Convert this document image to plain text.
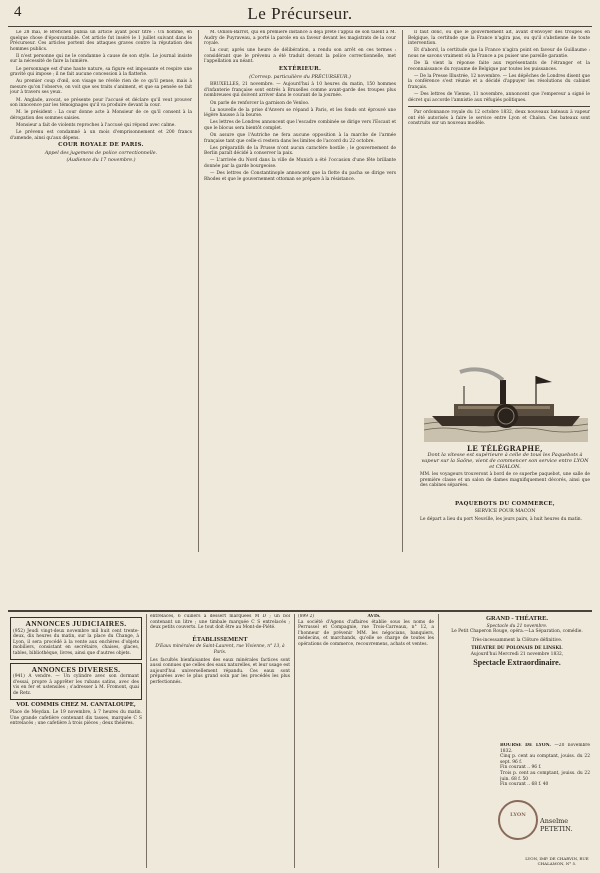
4	Le Précurseur.

Le 28 mai, le Bréfichen publia un article ayant pour titre : Un homme, en quelque chose d'épouvantable. Cet article fut inséré le 1 juillet suivant dans le Précurseur. Ces articles portent des attaques graves contre la réputation des hommes publics.

Il n'est personne qui ne le condamne à cause de son style. Le journal insiste sur la nécessité de faire la lumière.

Le personnage est d'une haute nature, sa figure est imposante et respire une gravité qui impose ; il ne fait aucune concession à la flatterie.

Au premier coup d'œil, son visage ne révèle rien de ce qu'il pense, mais à mesure qu'on l'observe, on voit que ses traits s'animent, et que sa pensée se fait jour à travers ses yeux.

M. Anglade, avocat, se présente pour l'accusé et déclare qu'il veut prouver son innocence par les témoignages qu'il va produire devant la cour.

M. le président : La cour donne acte à Monsieur de ce qu'il consent à la dérogation des sommes saisies.

Monsieur a fait de violents reproches à l'accusé qui répond avec calme.

Le prévenu est condamné à un mois d'emprisonnement et 200 francs d'amende, ainsi qu'aux dépens.

COUR ROYALE DE PARIS.
Appel des jugemens de police correctionnelle.
(Audience du 17 novembre.)

M. Odilon-Barrot, qui en première instance a déjà prêté l'appui de son talent à M. Audry de Puyraveau, a porté la parole en sa faveur devant les magistrats de la cour royale.

La cour, après une heure de délibération, a rendu son arrêt en ces termes : considérant que le prévenu a été traduit devant la police correctionnelle, met l'appellation au néant.

EXTÉRIEUR.
(Corresp. particulière du PRÉCURSEUR.)

BRUXELLES, 21 novembre. — Aujourd'hui à 10 heures du matin, 150 hommes d'infanterie française sont entrés à Bruxelles comme avant-garde des troupes plus nombreuses qui doivent arriver dans le courant de la journée.

On parle de renforcer la garnison de Venloo.

La nouvelle de la prise d'Anvers se répand à Paris, et les fonds ont éprouvé une légère hausse à la bourse.

Les lettres de Londres annoncent que l'escadre combinée se dirige vers l'Escaut et que le blocus sera bientôt complet.

On assure que l'Autriche ne fera aucune opposition à la marche de l'armée française tant que celle-ci restera dans les limites de l'accord du 22 octobre.

Les préparatifs de la Prusse n'ont aucun caractère hostile ; le gouvernement de Berlin paraît décidé à conserver la paix.

— L'arrivée du Nord dans la ville de Munich a été l'occasion d'une fête brillante donnée par la garde bourgeoise.

— Des lettres de Constantinople annoncent que la flotte du pacha se dirige vers Rhodes et que le gouvernement ottoman se prépare à la résistance.

Il faut donc, ou que le gouvernement ait, avant d'envoyer des troupes en Belgique, la certitude que la France n'agira pas, ou qu'il s'abstienne de toute intervention.

Et d'abord, la certitude que la France n'agira point en faveur de Guillaume : nous ne savons vraiment où la France a pu puiser une pareille garantie.

De là vient la réponse faite aux représentants de l'étranger et la reconnaissance du royaume de Belgique par toutes les puissances.

— De la Presse Illustrée, 12 novembre. — Les dépêches de Londres disent que la conférence s'est réunie et a décidé d'appuyer les résolutions du cabinet français.

— Des lettres de Vienne, 11 novembre, annoncent que l'empereur a signé le décret qui accorde l'amnistie aux réfugiés politiques.

Par ordonnance royale du 12 octobre 1832, deux nouveaux bateaux à vapeur ont été autorisés à faire le service entre Lyon et Chalon. Ces bateaux sont construits sur un nouveau modèle.

LE TÉLÉGRAPHE,
Dont la vitesse est supérieure à celle de tous les Paquebots à vapeur sur la Saône, vient de commencer son service entre LYON et CHALON.
MM. les voyageurs trouveront à bord de ce superbe paquebot, une salle de première classe et un salon de dames magnifiquement décorés, ainsi que des cabines séparées.
PAQUEBOTS DU COMMERCE,
SERVICE POUR MACON
Le départ a lieu du port Neuville, les jours pairs, à huit heures du matin.
ANNONCES JUDICIAIRES.
(952) Jeudi vingt-deux novembre mil huit cent trente-deux, dix heures du matin, sur la place du Change, à Lyon, il sera procédé à la vente aux enchères d'objets mobiliers, consistant en secrétaire, chaises, glaces, tables, bibliothèque, livres, ainsi que d'autres objets.
ANNONCES DIVERSES.
(941) A vendre. — Un cylindre avec son dormant d'essai, propre à apprêter les rubans satins, avec des vis en fer et ustensiles ; s'adresser à M. Fromont, quai de Retz.
VOL COMMIS CHEZ M. CANTALOUPE,
Place de Meydan. Le 19 novembre, à 7 heures du matin. Une grande cafetière contenant dix tasses, marquée C S entrelacés ; une cafetière à trois pièces ; deux théières.
entrelacés, 6 cuillers à dessert marquées M D ; un bol contenant un litre ; une timbale marquée C S entrelacés ; deux petits couverts. Le tout doit être au Mont-de-Piété.
ÉTABLISSEMENT
D'Eaux minérales de Saint-Laurent, rue Vivienne, n° 13, à Paris.
Les facultés bienfaisantes des eaux minérales factices sont aussi connues que celles des eaux naturelles, et leur usage est aujourd'hui universellement répandu. Ces eaux sont préparées avec le plus grand soin par les procédés les plus perfectionnés.
(899 2)	AVIS.
La société d'Agens d'affaires établie sous les noms de Perrussel et Compagnie, rue Trois-Carreaux, n° 12, a l'honneur de prévenir MM. les négocians, banquiers, médecins, et marchands, qu'elle se charge de toutes les opérations de commerce, recouvremens, achats et ventes.
GRAND - THÉATRE.
Spectacle du 21 novembre.
Le Petit Chaperon Rouge, opéra.—La Séparation, comédie.
Très-incessamment la Clôture définitive.
THÉATRE DU POLONAIS DE LINSKI.
Aujourd'hui Mercredi 21 novembre 1832,
Spectacle Extraordinaire.
BOURSE DE LYON. —20 novembre 1832.
Cinq p. cent au comptant, jouiss. du 22 sept. 96 f.
Fin courant .. 96 f.
Trois p. cent au comptant, jouiss. du 22 juin. 68 f. 50
Fin courant .. 68 f. 40
LYON
Anselme PETETIN.
LYON, IMP. DE CHARVIN, RUE CHALAMON, N° 5.
